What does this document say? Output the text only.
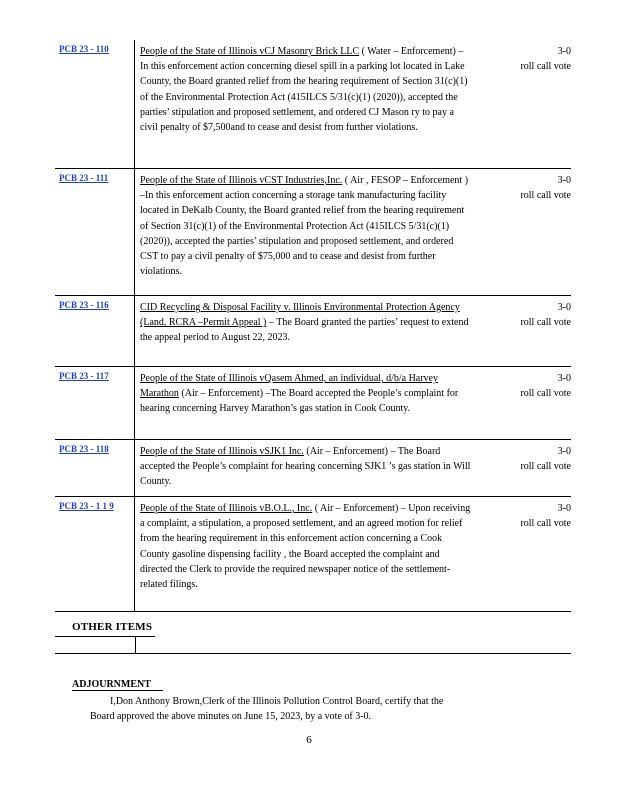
PCB 23 - 110	People of the State of Illinois vCJ Masonry Brick LLC ( Water – Enforcement) –In this enforcement action concerning diesel spill in a parking lot located in Lake County, the Board granted relief from the hearing requirement of Section 31(c)(1) of the Environmental Protection Act (415ILCS 5/31(c)(1) (2020)), accepted the parties’ stipulation and proposed settlement, and ordered CJ Mason ry to pay a civil penalty of $7,500and to cease and desist from further violations.
3-0
roll call vote
PCB 23 - 111	People of the State of Illinois vCST Industries,Inc. ( Air , FESOP – Enforcement ) –In this enforcement action concerning a storage tank manufacturing facility located in DeKalb County, the Board granted relief from the hearing requirement of Section 31(c)(1) of the Environmental Protection Act (415ILCS 5/31(c)(1) (2020)), accepted the parties’ stipulation and proposed settlement, and ordered CST to pay a civil penalty of $75,000 and to cease and desist from further violations.
3-0
roll call vote
PCB 23 - 116	CID Recycling & Disposal Facility v. Illinois Environmental Protection Agency (Land, RCRA –Permit Appeal ) – The Board granted the parties’ request to extend the appeal period to August 22, 2023.
3-0
roll call vote
PCB 23 - 117	People of the State of Illinois vQasem Ahmed, an individual, d/b/a Harvey Marathon (Air – Enforcement) –The Board accepted the People’s complaint for hearing concerning Harvey Marathon’s gas station in Cook County.
3-0
roll call vote
PCB 23 - 118	People of the State of Illinois vSJK1 Inc. (Air – Enforcement) – The Board accepted the People’s complaint for hearing concerning SJK1 ’s gas station in Will County.
3-0
roll call vote
PCB 23 - 1 1 9	People of the State of Illinois vB.O.L., Inc. ( Air – Enforcement) – Upon receiving a complaint, a stipulation, a proposed settlement, and an agreed motion for relief from the hearing requirement in this enforcement action concerning a Cook County gasoline dispensing facility , the Board accepted the complaint and directed the Clerk to provide the required newspaper notice of the settlement- related filings.
3-0
roll call vote
OTHER ITEMS
ADJOURNMENT
I,Don Anthony Brown,Clerk of the Illinois Pollution Control Board, certify that the
Board approved the above minutes on June 15, 2023, by a vote of 3-0.
6
